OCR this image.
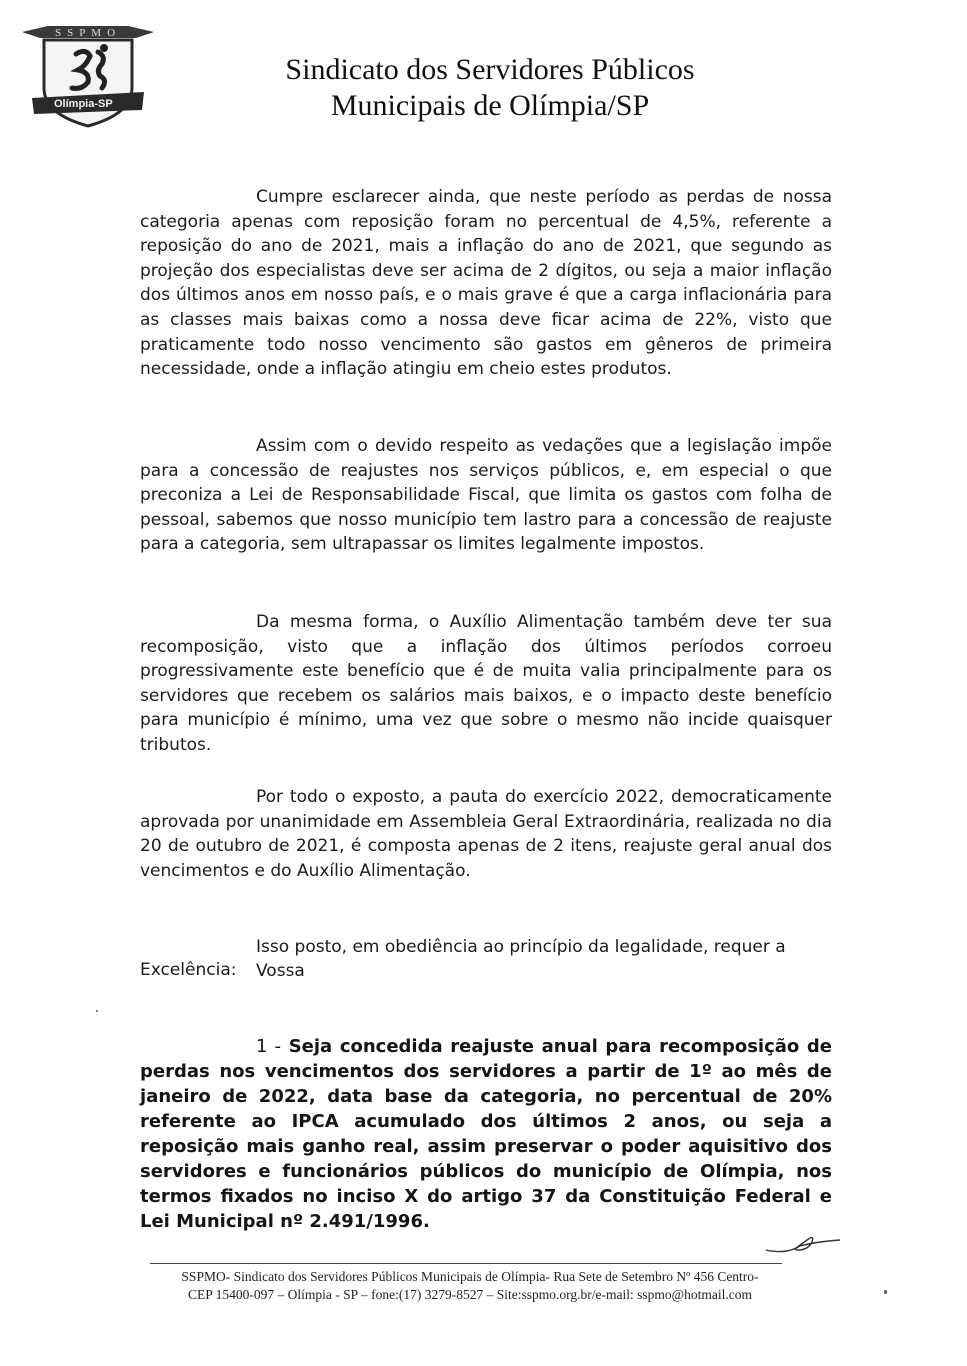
SSPMO
Olímpia-SP
Sindicato dos Servidores Públicos
Municipais de Olímpia/SP

Cumpre esclarecer ainda, que neste período as perdas de nossa categoria apenas com reposição foram no percentual de 4,5%, referente a reposição do ano de 2021, mais a inflação do ano de 2021, que segundo as projeção dos especialistas deve ser acima de 2 dígitos, ou seja a maior inflação dos últimos anos em nosso país, e o mais grave é que a carga inflacionária para as classes mais baixas como a nossa deve ficar acima de 22%, visto que praticamente todo nosso vencimento são gastos em gêneros de primeira necessidade, onde a inflação atingiu em cheio estes produtos.

Assim com o devido respeito as vedações que a legislação impõe para a concessão de reajustes nos serviços públicos, e, em especial o que preconiza a Lei de Responsabilidade Fiscal, que limita os gastos com folha de pessoal, sabemos que nosso município tem lastro para a concessão de reajuste para a categoria, sem ultrapassar os limites legalmente impostos.

Da mesma forma, o Auxílio Alimentação também deve ter sua recomposição, visto que a inflação dos últimos períodos corroeu progressivamente este benefício que é de muita valia principalmente para os servidores que recebem os salários mais baixos, e o impacto deste benefício para município é mínimo, uma vez que sobre o mesmo não incide quaisquer tributos.

Por todo o exposto, a pauta do exercício 2022, democraticamente aprovada por unanimidade em Assembleia Geral Extraordinária, realizada no dia 20 de outubro de 2021, é composta apenas de 2 itens, reajuste geral anual dos vencimentos e do Auxílio Alimentação.

Isso posto, em obediência ao princípio da legalidade, requer a Vossa

Excelência:

1 - Seja concedida reajuste anual para recomposição de perdas nos vencimentos dos servidores a partir de 1º ao mês de janeiro de 2022, data base da categoria, no percentual de 20% referente ao IPCA acumulado dos últimos 2 anos, ou seja a reposição mais ganho real, assim preservar o poder aquisitivo dos servidores e funcionários públicos do município de Olímpia, nos termos fixados no inciso X do artigo 37 da Constituição Federal e Lei Municipal nº 2.491/1996.

SSPMO- Sindicato dos Servidores Públicos Municipais de Olímpia- Rua Sete de Setembro Nº 456 Centro-
CEP 15400-097 – Olímpia - SP – fone:(17) 3279-8527 – Site:sspmo.org.br/e-mail: sspmo@hotmail.com
